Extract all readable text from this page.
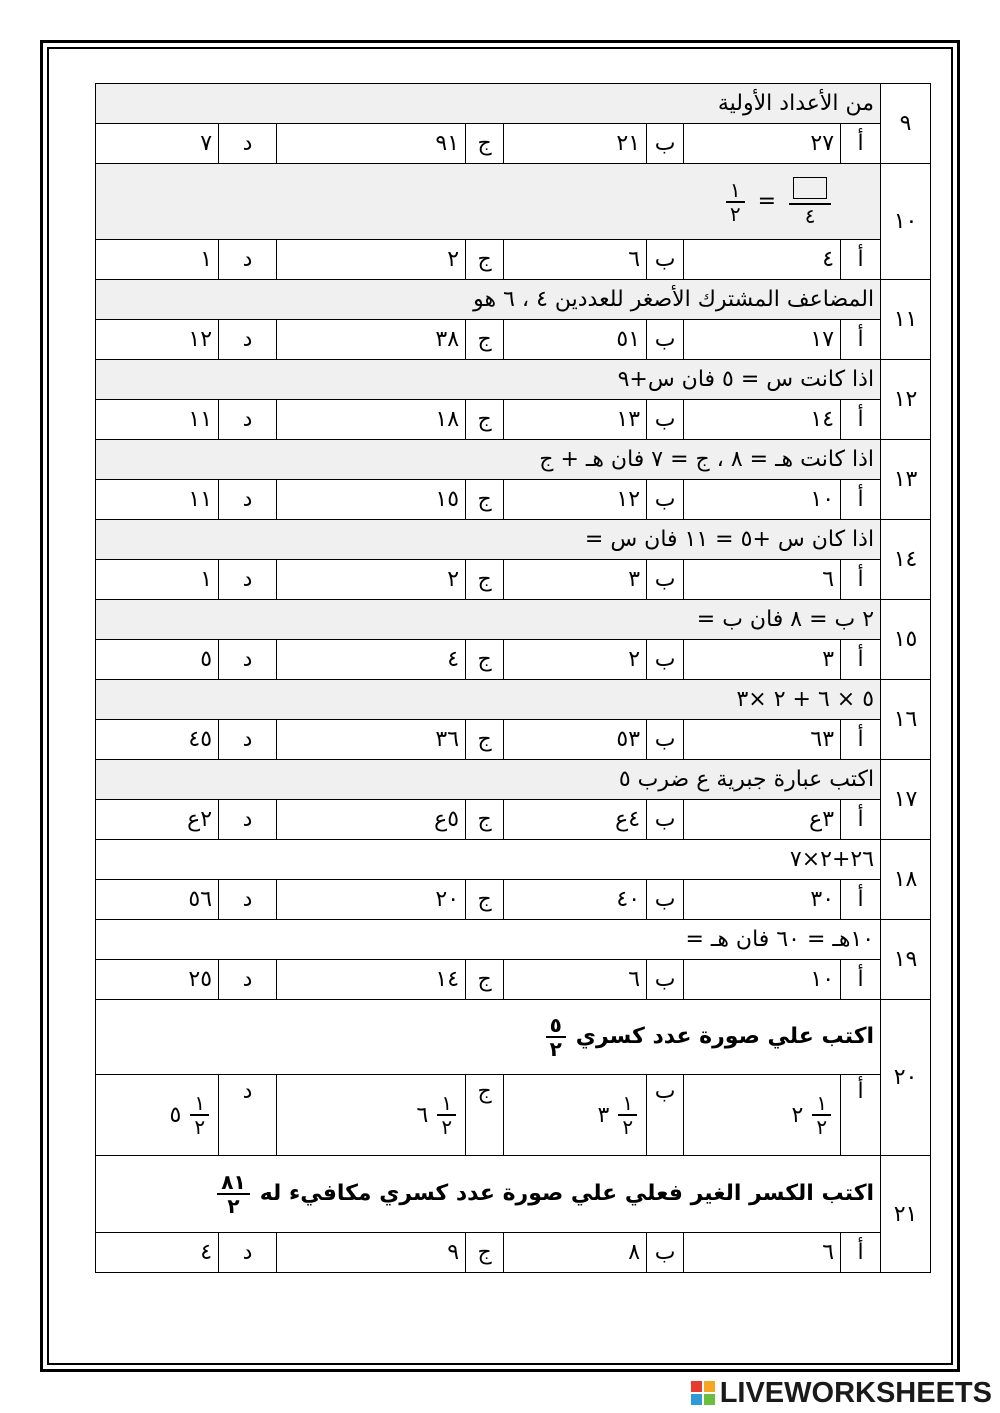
٩	من الأعداد الأولية							
	أ	٢٧	ب	٢١	ج	٩١	د	٧
١٠	$\frac{١}{٢}$ =
٤							

	أ	٤	ب	٦	ج	٢	د	١
١١	المضاعف المشترك الأصغر للعددين ٤ ، ٦ هو							
	أ	١٧	ب	٥١	ج	٣٨	د	١٢
١٢	اذا كانت س = ٥ فان س+٩							
	أ	١٤	ب	١٣	ج	١٨	د	١١
١٣	اذا كانت هـ = ٨ ، ج = ٧ فان هـ + ج							
	أ	١٠	ب	١٢	ج	١٥	د	١١
١٤	اذا كان س +٥ = ١١ فان س =							
	أ	٦	ب	٣	ج	٢	د	١
١٥	٢ ب = ٨ فان ب =							
	أ	٣	ب	٢	ج	٤	د	٥
١٦	٥ × ٦ + ٢ ×٣							
	أ	٦٣	ب	٥٣	ج	٣٦	د	٤٥
١٧	اكتب عبارة جبرية ع ضرب ٥							
	أ	٣ع	ب	٤ع	ج	٥ع	د	٢ع
١٨	٢٦+٢×٧							
	أ	٣٠	ب	٤٠	ج	٢٠	د	٥٦
١٩	١٠هـ = ٦٠ فان هـ =							
	أ	١٠	ب	٦	ج	١٤	د	٢٥
٢٠	اكتب علي صورة عدد كسري
$\frac{٥}{٢}$

	أ	٢ $\frac{١}{٢}$	ب	٣ $\frac{١}{٢}$	ج	٦ $\frac{١}{٢}$	د	٥ $\frac{١}{٢}$

٢١	اكتب الكسر الغير فعلي علي صورة عدد كسري مكافيء له
$\frac{٨١}{٢}$

	أ	٦	ب	٨	ج	٩	د	٤
LIVEWORKSHEETS
